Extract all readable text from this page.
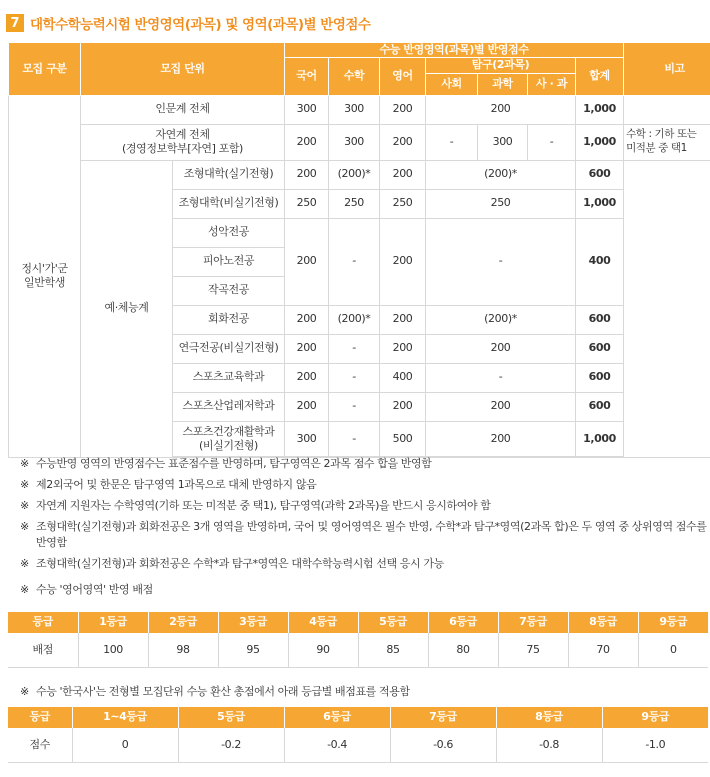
7 대학수학능력시험 반영영역(과목) 및 영역(과목)별 반영점수
모집 구분	모집 단위		수능 반영영역(과목)별 반영점수							비고
			국어	수학	영어	탐구(2과목)			합계	
						사회	과학	사 · 과		
정시'가'군
일반학생	인문계 전체		300	300	200	200			1,000	
	자연계 전체
(경영정보학부[자연] 포함)		200	300	200	-	300	-	1,000	수학 : 기하 또는
미적분 중 택1
	예·체능계	조형대학(실기전형)	200	(200)*	200	(200)*			600	
		조형대학(비실기전형)	250	250	250	250			1,000	
		성악전공	200	-	200	-			400	
		피아노전공								
		작곡전공								
		회화전공	200	(200)*	200	(200)*			600	
		연극전공(비실기전형)	200	-	200	200			600	
		스포츠교육학과	200	-	400	-			600	
		스포츠산업레저학과	200	-	200	200			600	
		스포츠건강재활학과
(비실기전형)	300	-	500	200			1,000	
※ 수능반영 영역의 반영점수는 표준점수를 반영하며, 탐구영역은 2과목 점수 합을 반영함
※ 제2외국어 및 한문은 탐구영역 1과목으로 대체 반영하지 않음
※ 자연계 지원자는 수학영역(기하 또는 미적분 중 택1), 탐구영역(과학 2과목)을 반드시 응시하여야 함
※ 조형대학(실기전형)과 회화전공은 3개 영역을 반영하며, 국어 및 영어영역은 필수 반영, 수학*과 탐구*영역(2과목 합)은 두 영역 중 상위영역 점수를 반영함
※ 조형대학(실기전형)과 회화전공은 수학*과 탐구*영역은 대학수학능력시험 선택 응시 가능
※ 수능 '영어영역' 반영 배점
등급	1등급	2등급	3등급	4등급	5등급	6등급	7등급	8등급	9등급
배점	100	98	95	90	85	80	75	70	0
※ 수능 '한국사'는 전형별 모집단위 수능 환산 총점에서 아래 등급별 배점표를 적용함
등급	1~4등급	5등급	6등급	7등급	8등급	9등급
점수	0	-0.2	-0.4	-0.6	-0.8	-1.0
